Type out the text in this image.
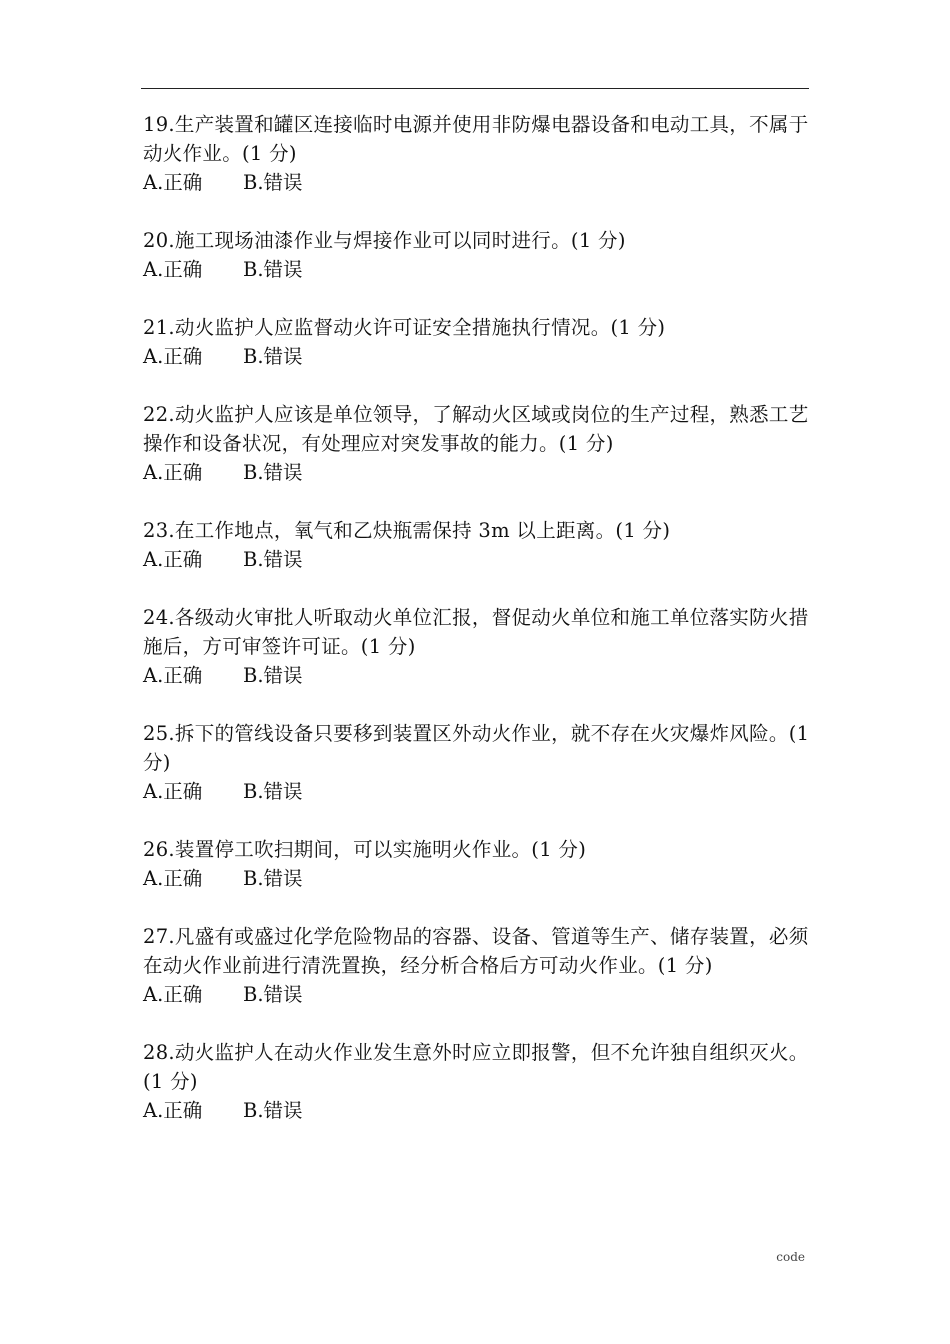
19.生产装置和罐区连接临时电源并使用非防爆电器设备和电动工具，不属于动火作业。(1 分)

A.正确	B.错误

20.施工现场油漆作业与焊接作业可以同时进行。(1 分)

A.正确	B.错误

21.动火监护人应监督动火许可证安全措施执行情况。(1 分)

A.正确	B.错误

22.动火监护人应该是单位领导，了解动火区域或岗位的生产过程，熟悉工艺操作和设备状况，有处理应对突发事故的能力。(1 分)

A.正确	B.错误

23.在工作地点，氧气和乙炔瓶需保持 3m 以上距离。(1 分)

A.正确	B.错误

24.各级动火审批人听取动火单位汇报，督促动火单位和施工单位落实防火措施后，方可审签许可证。(1 分)

A.正确	B.错误

25.拆下的管线设备只要移到装置区外动火作业，就不存在火灾爆炸风险。(1 分)

A.正确	B.错误

26.装置停工吹扫期间，可以实施明火作业。(1 分)

A.正确	B.错误

27.凡盛有或盛过化学危险物品的容器、设备、管道等生产、储存装置，必须在动火作业前进行清洗置换，经分析合格后方可动火作业。(1 分)

A.正确	B.错误

28.动火监护人在动火作业发生意外时应立即报警，但不允许独自组织灭火。(1 分)

A.正确	B.错误
code
